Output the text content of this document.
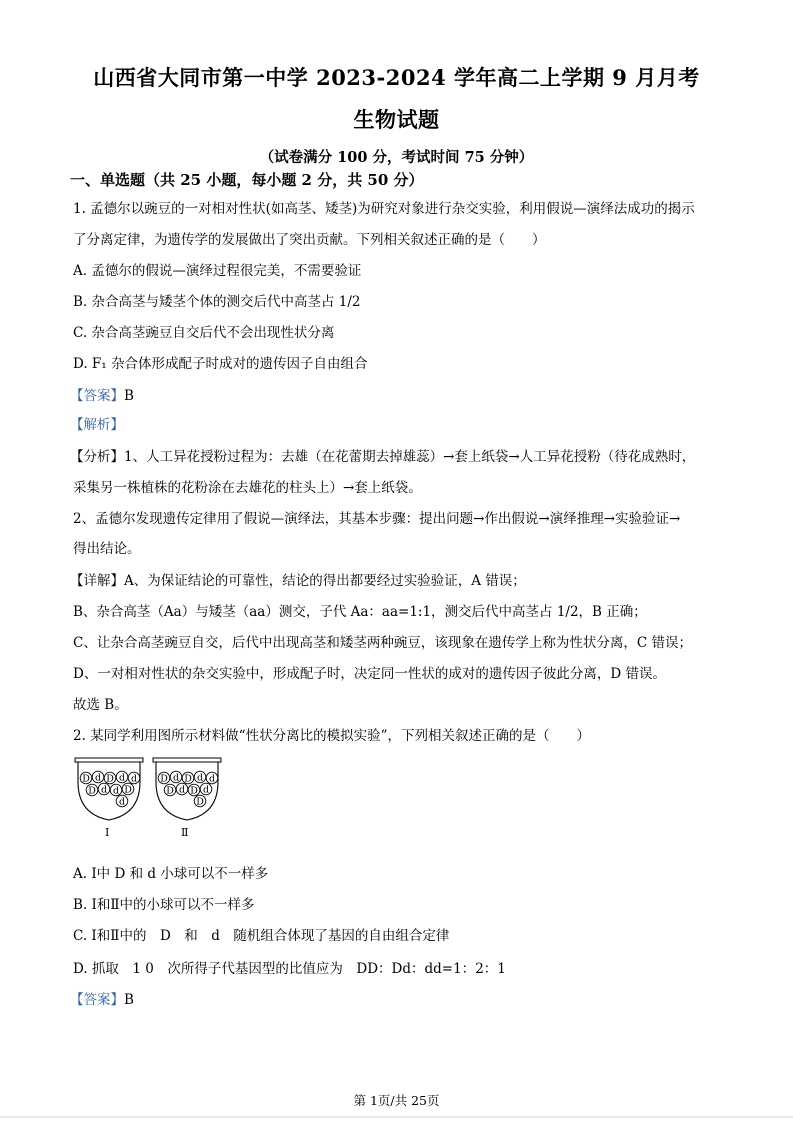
山西省大同市第一中学 2023-2024 学年高二上学期 9 月月考
生物试题
（试卷满分 100 分，考试时间 75 分钟）
一、单选题（共 25 小题，每小题 2 分，共 50 分）
1. 孟德尔以豌豆的一对相对性状(如高茎、矮茎)为研究对象进行杂交实验，利用假说—演绎法成功的揭示
了分离定律，为遗传学的发展做出了突出贡献。下列相关叙述正确的是（　　）
A. 孟德尔的假说—演绎过程很完美，不需要验证
B. 杂合高茎与矮茎个体的测交后代中高茎占 1/2
C. 杂合高茎豌豆自交后代不会出现性状分离
D. F₁ 杂合体形成配子时成对的遗传因子自由组合
【答案】B
【解析】
【分析】1、人工异花授粉过程为：去雄（在花蕾期去掉雄蕊）→套上纸袋→人工异花授粉（待花成熟时，
采集另一株植株的花粉涂在去雄花的柱头上）→套上纸袋。
2、孟德尔发现遗传定律用了假说—演绎法，其基本步骤：提出问题→作出假说→演绎推理→实验验证→
得出结论。
【详解】A、为保证结论的可靠性，结论的得出都要经过实验验证，A 错误；
B、杂合高茎（Aa）与矮茎（aa）测交，子代 Aa：aa=1:1，测交后代中高茎占 1/2，B 正确；
C、让杂合高茎豌豆自交，后代中出现高茎和矮茎两种豌豆，该现象在遗传学上称为性状分离，C 错误；
D、一对相对性状的杂交实验中，形成配子时，决定同一性状的成对的遗传因子彼此分离，D 错误。
故选 B。
2. 某同学利用图所示材料做“性状分离比的模拟实验”，下列相关叙述正确的是（　　）
D d D d d
D d d D
d
Ⅰ
D d D d d
D d D d
D
Ⅱ
A. Ⅰ中 D 和 d 小球可以不一样多
B. Ⅰ和Ⅱ中的小球可以不一样多
C. Ⅰ和Ⅱ中的　D　和　d　随机组合体现了基因的自由组合定律
D. 抓取　1 0　次所得子代基因型的比值应为　DD：Dd：dd=1：2：1
【答案】B
第 1页/共 25页
